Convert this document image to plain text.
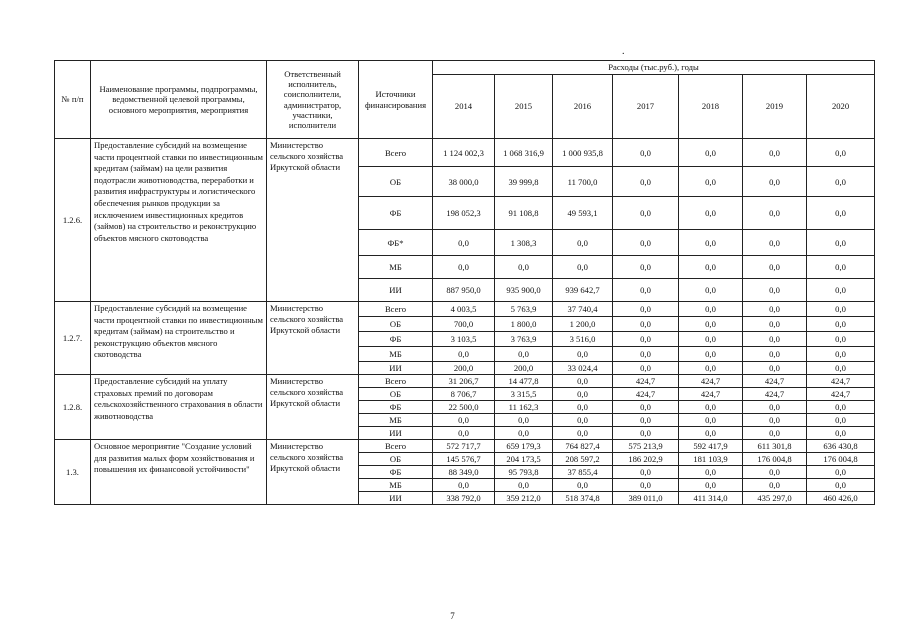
.
№ п/п	Наименование программы, подпрограммы, ведомственной целевой программы, основного мероприятия, мероприятия	Ответственный исполнитель, соисполнители, администратор, участники, исполнители	Источники финансирования	Расходы (тыс.руб.), годы						
				2014	2015	2016	2017	2018	2019	2020
1.2.6.	Предоставление субсидий на возмещение части процентной ставки по инвестиционным кредитам (займам) на цели развития подотрасли животноводства, переработки и развития инфраструктуры и логистического обеспечения рынков продукции за исключением инвестиционных кредитов (займов) на строительство и реконструкцию объектов мясного скотоводства	Министерство сельского хозяйства Иркутской области	Всего	1 124 002,3	1 068 316,9	1 000 935,8	0,0	0,0	0,0	0,0
			ОБ	38 000,0	39 999,8	11 700,0	0,0	0,0	0,0	0,0
			ФБ	198 052,3	91 108,8	49 593,1	0,0	0,0	0,0	0,0
			ФБ*	0,0	1 308,3	0,0	0,0	0,0	0,0	0,0
			МБ	0,0	0,0	0,0	0,0	0,0	0,0	0,0
			ИИ	887 950,0	935 900,0	939 642,7	0,0	0,0	0,0	0,0
1.2.7.	Предоставление субсидий на возмещение части процентной ставки по инвестиционным кредитам (займам) на строительство и реконструкцию объектов мясного скотоводства	Министерство сельского хозяйства Иркутской области	Всего	4 003,5	5 763,9	37 740,4	0,0	0,0	0,0	0,0
			ОБ	700,0	1 800,0	1 200,0	0,0	0,0	0,0	0,0
			ФБ	3 103,5	3 763,9	3 516,0	0,0	0,0	0,0	0,0
			МБ	0,0	0,0	0,0	0,0	0,0	0,0	0,0
			ИИ	200,0	200,0	33 024,4	0,0	0,0	0,0	0,0
1.2.8.	Предоставление субсидий на уплату страховых премий по договорам сельскохозяйственного страхования в области животноводства	Министерство сельского хозяйства Иркутской области	Всего	31 206,7	14 477,8	0,0	424,7	424,7	424,7	424,7
			ОБ	8 706,7	3 315,5	0,0	424,7	424,7	424,7	424,7
			ФБ	22 500,0	11 162,3	0,0	0,0	0,0	0,0	0,0
			МБ	0,0	0,0	0,0	0,0	0,0	0,0	0,0
			ИИ	0,0	0,0	0,0	0,0	0,0	0,0	0,0
1.3.	Основное мероприятие "Создание условий для развития малых форм хозяйствования и повышения их финансовой устойчивости"	Министерство сельского хозяйства Иркутской области	Всего	572 717,7	659 179,3	764 827,4	575 213,9	592 417,9	611 301,8	636 430,8
			ОБ	145 576,7	204 173,5	208 597,2	186 202,9	181 103,9	176 004,8	176 004,8
			ФБ	88 349,0	95 793,8	37 855,4	0,0	0,0	0,0	0,0
			МБ	0,0	0,0	0,0	0,0	0,0	0,0	0,0
			ИИ	338 792,0	359 212,0	518 374,8	389 011,0	411 314,0	435 297,0	460 426,0
7
